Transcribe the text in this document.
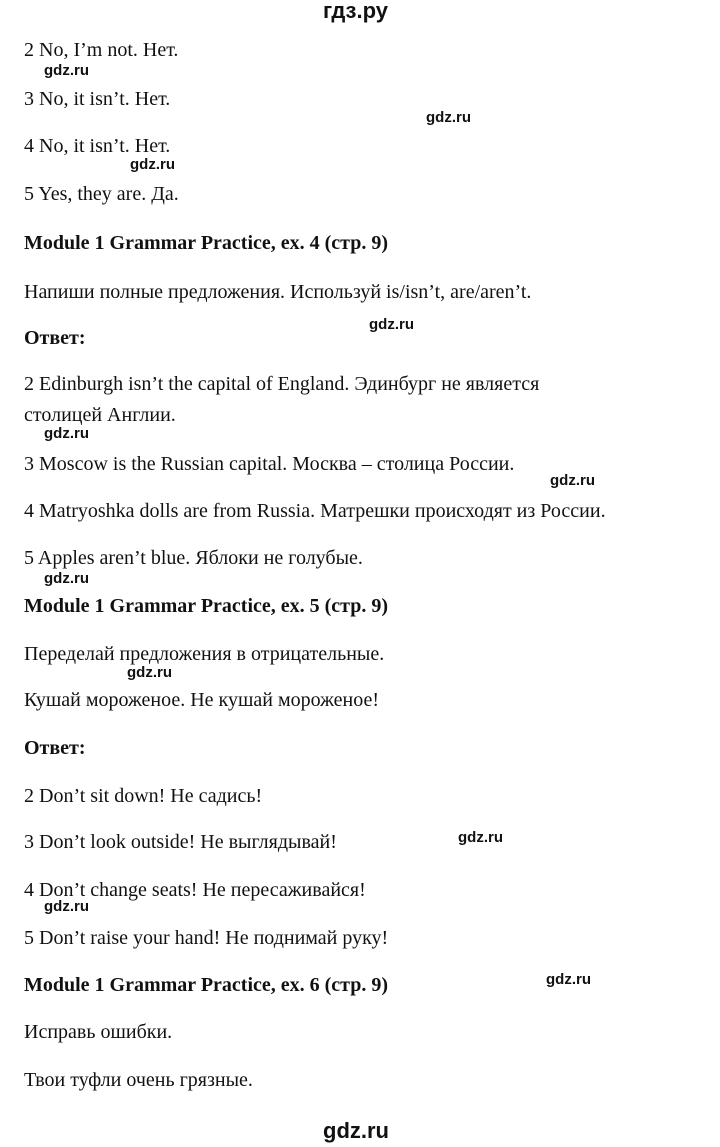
гдз.ру
2 No, I’m not. Нет.
3 No, it isn’t. Нет.
4 No, it isn’t. Нет.
5 Yes, they are. Да.
Module 1 Grammar Practice, ex. 4 (стр. 9)
Напиши полные предложения. Используй is/isn’t, are/aren’t.
Ответ:
2 Edinburgh isn’t the capital of England. Эдинбург не является
столицей Англии.
3 Moscow is the Russian capital. Москва – столица России.
4 Matryoshka dolls are from Russia. Матрешки происходят из России.
5 Apples aren’t blue. Яблоки не голубые.
Module 1 Grammar Practice, ex. 5 (стр. 9)
Переделай предложения в отрицательные.
Кушай мороженое. Не кушай мороженое!
Ответ:
2 Don’t sit down! Не садись!
3 Don’t look outside! Не выглядывай!
4 Don’t change seats! Не пересаживайся!
5 Don’t raise your hand! Не поднимай руку!
Module 1 Grammar Practice, ex. 6 (стр. 9)
Исправь ошибки.
Твои туфли очень грязные.
gdz.ru
gdz.ru
gdz.ru
gdz.ru
gdz.ru
gdz.ru
gdz.ru
gdz.ru
gdz.ru
gdz.ru
gdz.ru
gdz.ru
